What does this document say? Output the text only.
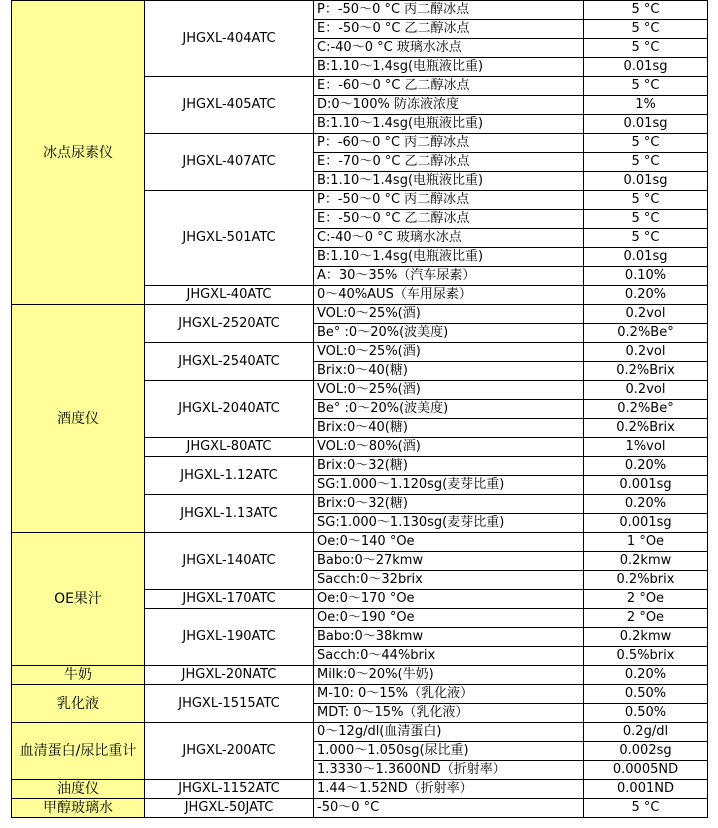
冰点尿素仪	JHGXL-404ATC	P：-50～0 °C 丙二醇冰点	5 °C
		E：-50～0 °C 乙二醇冰点	5 °C
		C:-40～0 °C 玻璃水冰点	5 °C
		B:1.10～1.4sg(电瓶液比重)	0.01sg
	JHGXL-405ATC	E：-60～0 °C 乙二醇冰点	5 °C
		D:0～100% 防冻液浓度	1%
		B:1.10～1.4sg(电瓶液比重)	0.01sg
	JHGXL-407ATC	P：-60～0 °C 丙二醇冰点	5 °C
		E：-70～0 °C 乙二醇冰点	5 °C
		B:1.10～1.4sg(电瓶液比重)	0.01sg
	JHGXL-501ATC	P：-50～0 °C 丙二醇冰点	5 °C
		E：-50～0 °C 乙二醇冰点	5 °C
		C:-40～0 °C 玻璃水冰点	5 °C
		B:1.10～1.4sg(电瓶液比重)	0.01sg
		A：30～35%（汽车尿素）	0.10%
	JHGXL-40ATC	0～40%AUS（车用尿素）	0.20%
酒度仪	JHGXL-2520ATC	VOL:0～25%(酒)	0.2vol
		Be° :0～20%(波美度)	0.2%Be°
	JHGXL-2540ATC	VOL:0～25%(酒)	0.2vol
		Brix:0～40(糖)	0.2%Brix
	JHGXL-2040ATC	VOL:0～25%(酒)	0.2vol
		Be° :0～20%(波美度)	0.2%Be°
		Brix:0～40(糖)	0.2%Brix
	JHGXL-80ATC	VOL:0～80%(酒)	1%vol
	JHGXL-1.12ATC	Brix:0～32(糖)	0.20%
		SG:1.000～1.120sg(麦芽比重)	0.001sg
	JHGXL-1.13ATC	Brix:0～32(糖)	0.20%
		SG:1.000～1.130sg(麦芽比重)	0.001sg
OE果汁	JHGXL-140ATC	Oe:0～140 °Oe	1 °Oe
		Babo:0～27kmw	0.2kmw
		Sacch:0～32brix	0.2%brix
	JHGXL-170ATC	Oe:0～170 °Oe	2 °Oe
	JHGXL-190ATC	Oe:0～190 °Oe	2 °Oe
		Babo:0～38kmw	0.2kmw
		Sacch:0～44%brix	0.5%brix
牛奶	JHGXL-20NATC	Milk:0～20%(牛奶)	0.20%
乳化液	JHGXL-1515ATC	M-10: 0～15%（乳化液）	0.50%
		MDT: 0～15%（乳化液）	0.50%
血清蛋白/尿比重计	JHGXL-200ATC	0～12g/dl(血清蛋白)	0.2g/dl
		1.000～1.050sg(尿比重)	0.002sg
		1.3330～1.3600ND（折射率）	0.0005ND
油度仪	JHGXL-1152ATC	1.44～1.52ND（折射率）	0.001ND
甲醇玻璃水	JHGXL-50JATC	-50～0 °C	5 °C
